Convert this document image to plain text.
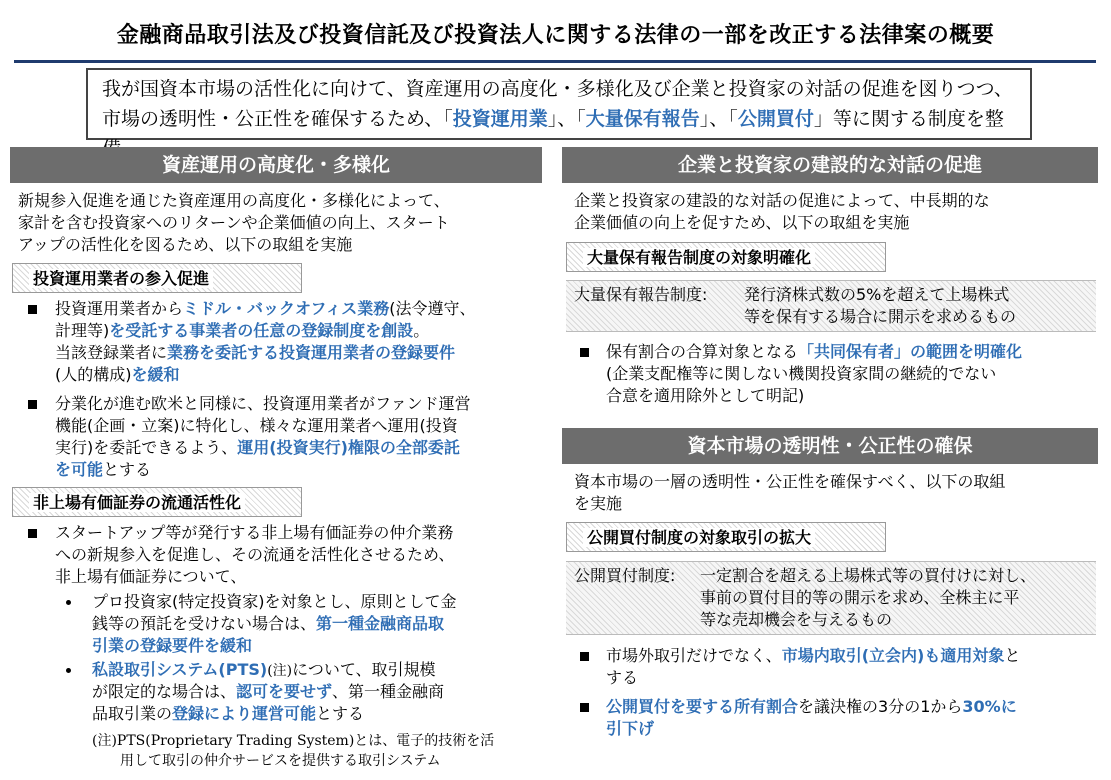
金融商品取引法及び投資信託及び投資法人に関する法律の一部を改正する法律案の概要
我が国資本市場の活性化に向けて、資産運用の高度化・多様化及び企業と投資家の対話の促進を図りつつ、
市場の透明性・公正性を確保するため、「投資運用業」、「大量保有報告」、「公開買付」等に関する制度を整
資産運用の高度化・多様化
新規参入促進を通じた資産運用の高度化・多様化によって、
家計を含む投資家へのリターンや企業価値の向上、スタート
アップの活性化を図るため、以下の取組を実施
投資運用業者の参入促進
投資運用業者からミドル・バックオフィス業務(法令遵守、
計理等)を受託する事業者の任意の登録制度を創設。
当該登録業者に業務を委託する投資運用業者の登録要件
(人的構成)を緩和
分業化が進む欧米と同様に、投資運用業者がファンド運営
機能(企画・立案)に特化し、様々な運用業者へ運用(投資
実行)を委託できるよう、運用(投資実行)権限の全部委託
を可能とする
非上場有価証券の流通活性化
スタートアップ等が発行する非上場有価証券の仲介業務
への新規参入を促進し、その流通を活性化させるため、
非上場有価証券について、
プロ投資家(特定投資家)を対象とし、原則として金
銭等の預託を受けない場合は、第一種金融商品取
引業の登録要件を緩和
私設取引システム(PTS)(注)について、取引規模
が限定的な場合は、認可を要せず、第一種金融商
品取引業の登録により運営可能とする
(注)PTS(Proprietary Trading System)とは、電子的技術を活
用して取引の仲介サービスを提供する取引システム
企業と投資家の建設的な対話の促進
企業と投資家の建設的な対話の促進によって、中長期的な
企業価値の向上を促すため、以下の取組を実施
大量保有報告制度の対象明確化
大量保有報告制度: 発行済株式数の5%を超えて上場株式
等を保有する場合に開示を求めるもの
保有割合の合算対象となる「共同保有者」の範囲を明確化
(企業支配権等に関しない機関投資家間の継続的でない
合意を適用除外として明記)
資本市場の透明性・公正性の確保
資本市場の一層の透明性・公正性を確保すべく、以下の取組
を実施
公開買付制度の対象取引の拡大
公開買付制度: 一定割合を超える上場株式等の買付けに対し、
事前の買付目的等の開示を求め、全株主に平
等な売却機会を与えるもの
市場外取引だけでなく、市場内取引(立会内)も適用対象と
する
公開買付を要する所有割合を議決権の3分の1から30%に
引下げ
